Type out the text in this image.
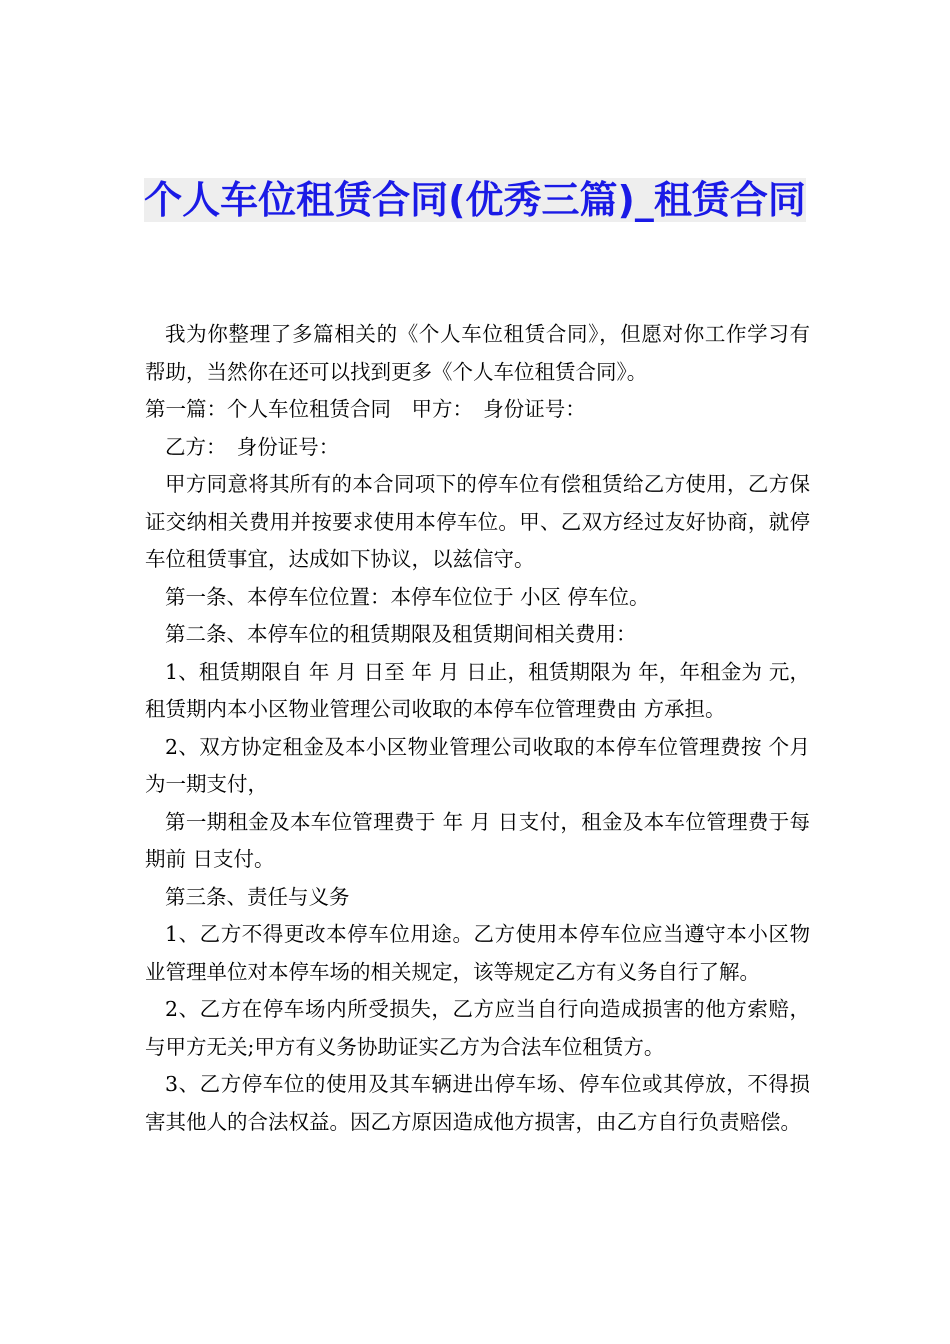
个人车位租赁合同(优秀三篇)_租赁合同

我为你整理了多篇相关的《个人车位租赁合同》，但愿对你工作学习有帮助，当然你在还可以找到更多《个人车位租赁合同》。

第一篇：个人车位租赁合同　甲方：　身份证号：

乙方：　身份证号：

甲方同意将其所有的本合同项下的停车位有偿租赁给乙方使用，乙方保证交纳相关费用并按要求使用本停车位。甲、乙双方经过友好协商，就停车位租赁事宜，达成如下协议，以兹信守。

第一条、本停车位位置：本停车位位于 小区 停车位。

第二条、本停车位的租赁期限及租赁期间相关费用：

1、租赁期限自 年 月 日至 年 月 日止，租赁期限为 年，年租金为 元，租赁期内本小区物业管理公司收取的本停车位管理费由 方承担。

2、双方协定租金及本小区物业管理公司收取的本停车位管理费按 个月为一期支付，

第一期租金及本车位管理费于 年 月 日支付，租金及本车位管理费于每期前 日支付。

第三条、责任与义务

1、乙方不得更改本停车位用途。乙方使用本停车位应当遵守本小区物业管理单位对本停车场的相关规定，该等规定乙方有义务自行了解。

2、乙方在停车场内所受损失，乙方应当自行向造成损害的他方索赔，与甲方无关;甲方有义务协助证实乙方为合法车位租赁方。

3、乙方停车位的使用及其车辆进出停车场、停车位或其停放，不得损害其他人的合法权益。因乙方原因造成他方损害，由乙方自行负责赔偿。
